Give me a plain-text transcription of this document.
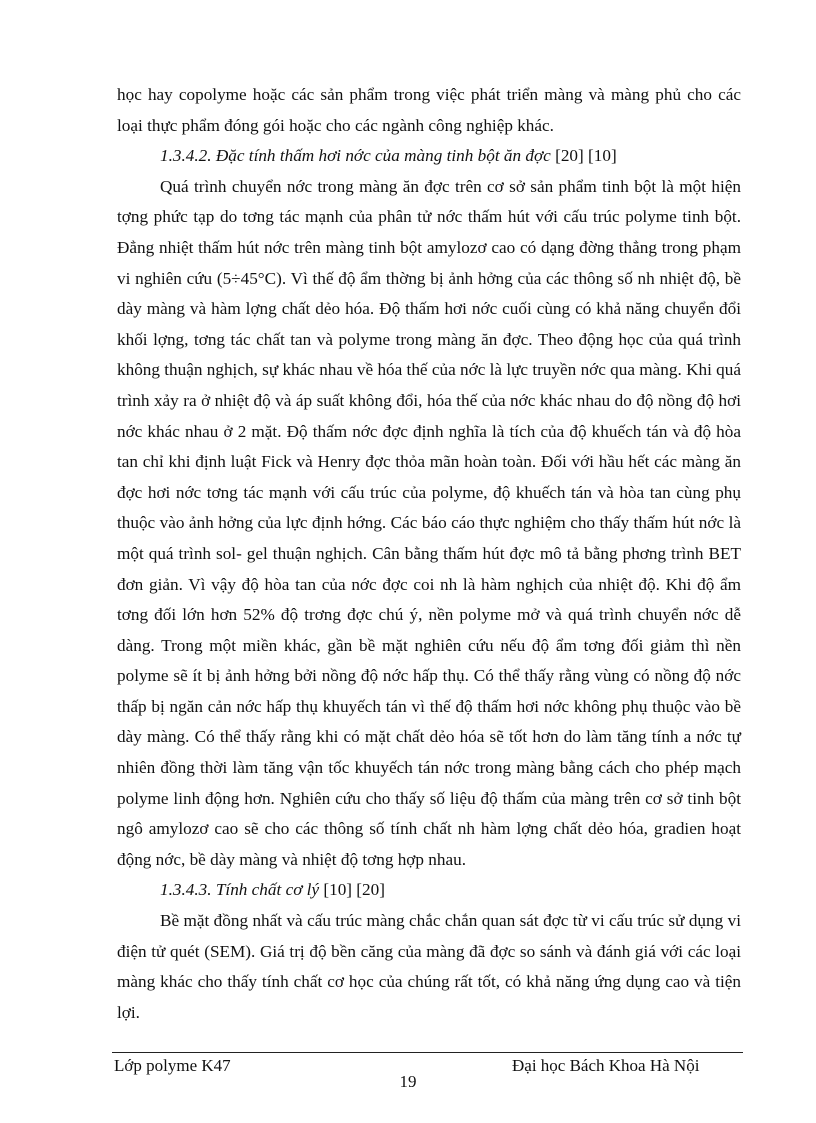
học hay copolyme hoặc các sản phẩm trong việc phát triển màng và màng phủ cho các loại thực phẩm đóng gói hoặc cho các ngành công nghiệp khác.

1.3.4.2. Đặc tính thấm hơi nớc của màng tinh bột ăn đợc [20] [10]

Quá trình chuyển nớc trong màng ăn đợc trên cơ sở sản phẩm tinh bột là một hiện tợng phức tạp do tơng tác mạnh của phân tử nớc thấm hút với cấu trúc polyme tinh bột. Đẳng nhiệt thấm hút nớc trên màng tinh bột amylozơ cao có dạng đờng thẳng trong phạm vi nghiên cứu (5÷45°C). Vì thế độ ẩm thờng bị ảnh hởng của các thông số nh nhiệt độ, bề dày màng và hàm lợng chất dẻo hóa. Độ thấm hơi nớc cuối cùng có khả năng chuyển đổi khối lợng, tơng tác chất tan và polyme trong màng ăn đợc. Theo động học của quá trình không thuận nghịch, sự khác nhau về hóa thế của nớc là lực truyền nớc qua màng. Khi quá trình xảy ra ở nhiệt độ và áp suất không đổi, hóa thế của nớc khác nhau do độ nồng độ hơi nớc khác nhau ở 2 mặt. Độ thấm nớc đợc định nghĩa là tích của độ khuếch tán và độ hòa tan chỉ khi định luật Fick và Henry đợc thỏa mãn hoàn toàn. Đối với hầu hết các màng ăn đợc hơi nớc tơng tác mạnh với cấu trúc của polyme, độ khuếch tán và hòa tan cùng phụ thuộc vào ảnh hởng của lực định hớng. Các báo cáo thực nghiệm cho thấy thấm hút nớc là một quá trình sol- gel thuận nghịch. Cân bằng thấm hút đợc mô tả bằng phơng trình BET đơn giản. Vì vậy độ hòa tan của nớc đợc coi nh là hàm nghịch của nhiệt độ. Khi độ ẩm tơng đối lớn hơn 52% độ trơng đợc chú ý, nền polyme mở và quá trình chuyển nớc dễ dàng. Trong một miền khác, gần bề mặt nghiên cứu nếu độ ẩm tơng đối giảm thì nền polyme sẽ ít bị ảnh hởng bởi nồng độ nớc hấp thụ. Có thể thấy rằng vùng có nồng độ nớc thấp bị ngăn cản nớc hấp thụ khuyếch tán vì thế độ thấm hơi nớc không phụ thuộc vào bề dày màng. Có thể thấy rằng khi có mặt chất dẻo hóa sẽ tốt hơn do làm tăng tính a nớc tự nhiên đồng thời làm tăng vận tốc khuyếch tán nớc trong màng bằng cách cho phép mạch polyme linh động hơn. Nghiên cứu cho thấy số liệu độ thấm của màng trên cơ sở tinh bột ngô amylozơ cao sẽ cho các thông số tính chất nh hàm lợng chất dẻo hóa, gradien hoạt động nớc, bề dày màng và nhiệt độ tơng hợp nhau.

1.3.4.3. Tính chất cơ lý [10] [20]

Bề mặt đồng nhất và cấu trúc màng chắc chắn quan sát đợc từ vi cấu trúc sử dụng vi điện tử quét (SEM). Giá trị độ bền căng của màng đã đợc so sánh và đánh giá với các loại màng khác cho thấy tính chất cơ học của chúng rất tốt, có khả năng ứng dụng cao và tiện lợi.

Lớp polyme K47	Đại học Bách Khoa Hà Nội
19
